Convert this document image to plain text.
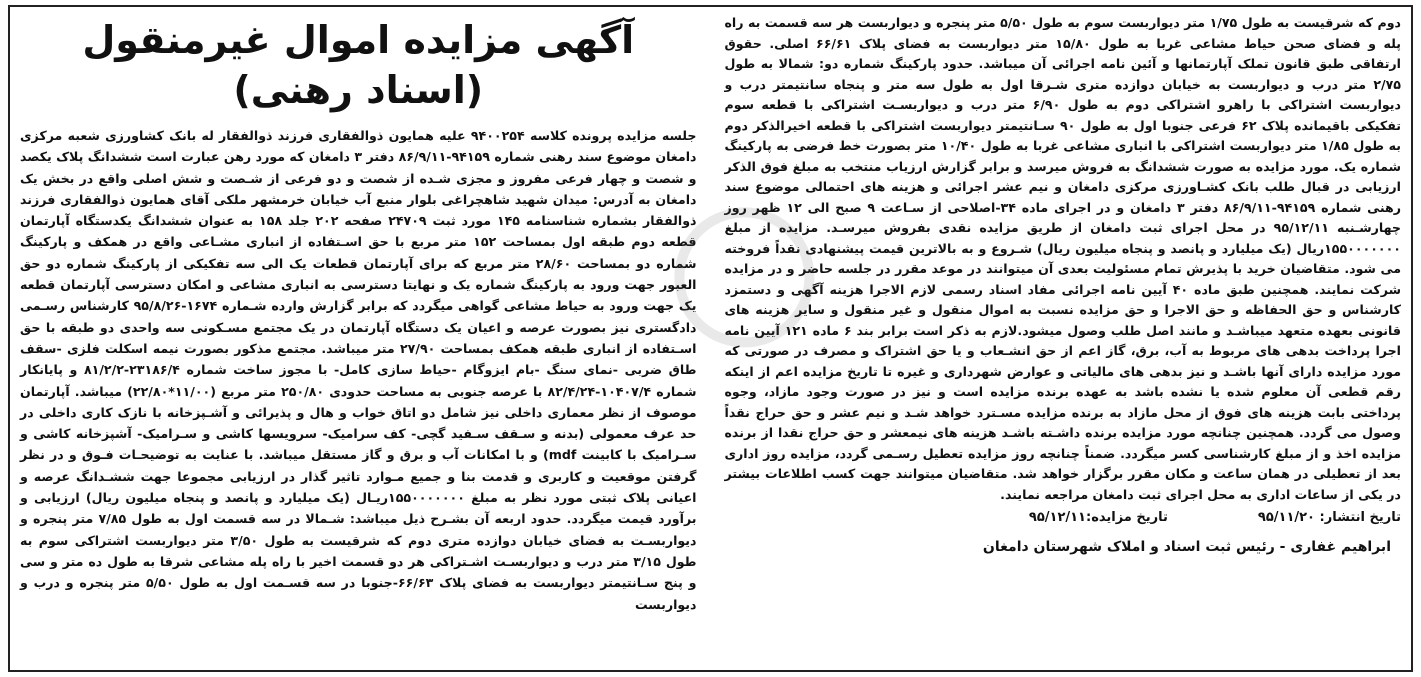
آگهی مزایده اموال غیرمنقول (اسناد رهنی)

جلسه مزایده پرونده کلاسه ۹۴۰۰۲۵۴ علیه همایون ذوالفقاری فرزند ذوالفقار له بانک کشاورزی شعبه مرکزی دامغان موضوع سند رهنی شماره ۹۴۱۵۹-۸۶/۹/۱۱ دفتر ۳ دامغان که مورد رهن عبارت است ششدانگ پلاک یکصد و شصت و چهار فرعی مفروز و مجزی شـده از شصت و دو فرعی از شـصت و شش اصلی واقع در بخش یک دامغان به آدرس: میدان شهید شاهچراغی بلوار منبع آب خیابان خرمشهر ملکی آقای همایون ذوالفقاری فرزند ذوالفقار بشماره شناسنامه ۱۴۵ مورد ثبت ۲۴۷۰۹ صفحه ۲۰۲ جلد ۱۵۸ به عنوان ششدانگ یکدستگاه آپارتمان قطعه دوم طبقه اول بمساحت ۱۵۲ متر مربع با حق اسـتفاده از انباری مشـاعی واقع در همکف و پارکینگ شماره دو بمساحت ۲۸/۶۰ متر مربع که برای آپارتمان قطعات یک الی سه تفکیکی از پارکینگ شماره دو حق العبور جهت ورود به پارکینگ شماره یک و نهایتا دسترسی به انباری مشاعی و امکان دسترسی آپارتمان قطعه یک جهت ورود به حیاط مشاعی گواهی میگردد که برابر گزارش وارده شـماره ۱۶۷۴-۹۵/۸/۲۶ کارشناس رسـمی دادگستری نیز بصورت عرصه و اعیان یک دستگاه آپارتمان در یک مجتمع مسـکونی سه واحدی دو طبقه با حق اسـتفاده از انباری طبقه همکف بمساحت ۲۷/۹۰ متر میباشد. مجتمع مذکور بصورت نیمه اسکلت فلزی -سقف طاق ضربی -نمای سنگ -بام ایزوگام -حیاط سازی کامل- با مجوز ساخت شماره ۲۳۱۸۶/۴-۸۱/۲/۲ و پایانکار شماره ۱۰۴۰۷/۴-۸۲/۴/۲۴ با عرصه جنوبی به مساحت حدودی ۲۵۰/۸۰ متر مربع (۱۱/۰۰*۲۲/۸۰) میباشد. آپارتمان موصوف از نظر معماری داخلی نیز شامل دو اتاق خواب و هال و پذیرائی و آشـپزخانه با نازک کاری داخلی در حد عرف معمولی (بدنه و سـقف سـفید گچی- کف سرامیک- سرویسها کاشی و سـرامیک- آشپزخانه کاشی و سـرامیک با کابینت mdf) و با امکانات آب و برق و گاز مستقل میباشد. با عنایت به توضیحـات فـوق و در نظر گرفتن موقعیت و کاربری و قدمت بنا و جمیع مـوارد تاثیر گذار در ارزیابی مجموعا جهت ششـدانگ عرصه و اعیانی پلاک ثبتی مورد نظر به مبلغ ۱۵۵۰۰۰۰۰۰۰ریـال (یک میلیارد و پانصد و پنجاه میلیون ریال) ارزیابی و برآورد قیمت میگردد. حدود اربعه آن بشـرح ذیل میباشد: شـمالا در سه قسمت اول به طول ۷/۸۵ متر پنجره و دیواربسـت به فضای خیابان دوازده متری دوم که شرقیست به طول ۳/۵۰ متر دیواربست اشتراکی سوم به طول ۳/۱۵ متر درب و دیواربسـت اشـتراکی هر دو قسمت اخیر با راه پله مشاعی شرقا به طول ده متر و سی و پنج سـانتیمتر دیواربست به فضای پلاک ۶۶/۶۳-جنوبا در سه قسـمت اول به طول ۵/۵۰ متر پنجره و درب و دیواربست

دوم که شرقیست به طول ۱/۷۵ متر دیواربست سوم به طول ۵/۵۰ متر پنجره و دیواربست هر سه قسمت به راه پله و فضای صحن حیاط مشاعی غربا به طول ۱۵/۸۰ متر دیواربست به فضای پلاک ۶۶/۶۱ اصلی. حقوق ارتفاقی طبق قانون تملک آپارتمانها و آئین نامه اجرائی آن میباشد. حدود پارکینگ شماره دو: شمالا به طول ۲/۷۵ متر درب و دیواربست به خیابان دوازده متری شـرقا اول به طول سه متر و پنجاه سانتیمتر درب و دیواربست اشتراکی با راهرو اشتراکی دوم به طول ۶/۹۰ متر درب و دیواربسـت اشتراکی با قطعه سوم تفکیکی باقیمانده پلاک ۶۲ فرعی جنوبا اول به طول ۹۰ سـانتیمتر دیواربست اشتراکی با قطعه اخیرالذکر دوم به طول ۱/۸۵ متر دیواربست اشتراکی با انباری مشاعی غربا به طول ۱۰/۴۰ متر بصورت خط فرضی به پارکینگ شماره یک. مورد مزایده به صورت ششدانگ به فروش میرسد و برابر گزارش ارزیاب منتخب به مبلغ فوق الذکر ارزیابی در قبال طلب بانک کشـاورزی مرکزی دامغان و نیم عشر اجرائی و هزینه های احتمالی موضوع سند رهنی شماره ۹۴۱۵۹-۸۶/۹/۱۱ دفتر ۳ دامغان و در اجرای ماده ۳۴-اصلاحی از سـاعت ۹ صبح الی ۱۲ ظهر روز چهارشـنبه ۹۵/۱۲/۱۱ در محل اجرای ثبت دامغان از طریق مزایده نقدی بفروش میرسـد. مزایده از مبلغ ۱۵۵۰۰۰۰۰۰۰ریال (یک میلیارد و پانصد و پنجاه میلیون ریال) شـروع و به بالاترین قیمت پیشنهادی نقداً فروخته می شود. متقاضیان خرید با پذیرش تمام مسئولیت بعدی آن میتوانند در موعد مقرر در جلسه حاضر و در مزایده شرکت نمایند. همچنین طبق ماده ۴۰ آیین نامه اجرائی مفاد اسناد رسمی لازم الاجرا هزینه آگهی و دستمزد کارشناس و حق الحفاظه و حق الاجرا و حق مزایده نسبت به اموال منقول و غیر منقول و سایر هزینه های قانونی بعهده متعهد میباشـد و مانند اصل طلب وصول میشود.لازم به ذکر است برابر بند ۶ ماده ۱۲۱ آیین نامه اجرا پرداخت بدهی های مربوط به آب، برق، گاز اعم از حق انشـعاب و یا حق اشتراک و مصرف در صورتی که مورد مزایده دارای آنها باشـد و نیز بدهی های مالیاتی و عوارض شهرداری و غیره تا تاریخ مزایده اعم از اینکه رقم قطعی آن معلوم شده یا نشده باشد به عهده برنده مزایده است و نیز در صورت وجود مازاد، وجوه پرداختی بابت هزینه های فوق از محل مازاد به برنده مزایده مسـترد خواهد شـد و نیم عشر و حق حراج نقداً وصول می گردد. همچنین چنانچه مورد مزایده برنده داشـته باشـد هزینه های نیمعشر و حق حراج نقدا از برنده مزایده اخذ و از مبلغ کارشناسی کسر میگردد. ضمناً چنانچه روز مزایده تعطیل رسـمی گردد، مزایده روز اداری بعد از تعطیلی در همان ساعت و مکان مقرر برگزار خواهد شد. متقاضیان میتوانند جهت کسب اطلاعات بیشتر در یکی از ساعات اداری به محل اجرای ثبت دامغان مراجعه نمایند.

تاریخ انتشار: ۹۵/۱۱/۲۰
تاریخ مزایده:۹۵/۱۲/۱۱
ابراهیم غفاری - رئیس ثبت اسناد و املاک شهرستان دامغان
